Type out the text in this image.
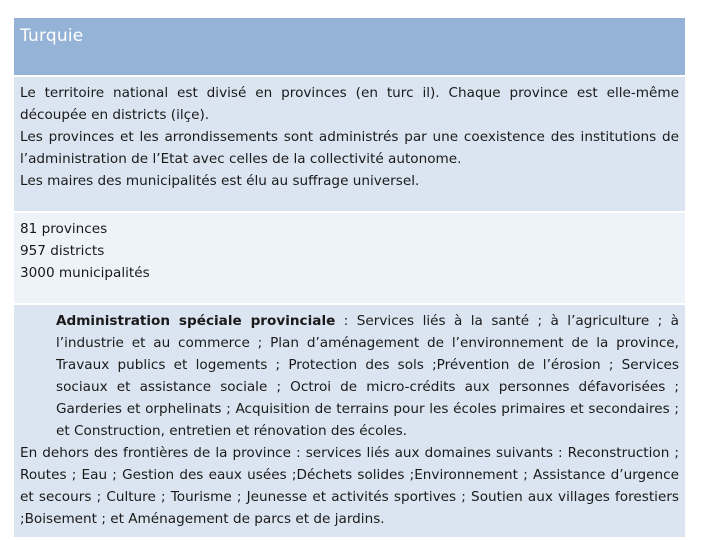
Turquie

Le territoire national est divisé en provinces (en turc il). Chaque province est elle-même découpée en districts (ilçe).

Les provinces et les arrondissements sont administrés par une coexistence des institutions de l’administration de l’Etat avec celles de la collectivité autonome.

Les maires des municipalités est élu au suffrage universel.

81 provinces

957 districts

3000 municipalités

Administration spéciale provinciale : Services liés à la santé ; à l’agriculture ; à l’industrie et au commerce ; Plan d’aménagement de l’environnement de la province, Travaux publics et logements ; Protection des sols ;Prévention de l’érosion ; Services sociaux et assistance sociale ; Octroi de micro-crédits aux personnes défavorisées ; Garderies et orphelinats ; Acquisition de terrains pour les écoles primaires et secondaires ; et Construction, entretien et rénovation des écoles.

En dehors des frontières de la province : services liés aux domaines suivants : Reconstruction ; Routes ; Eau ; Gestion des eaux usées ;Déchets solides ;Environnement ; Assistance d’urgence et secours ; Culture ; Tourisme ; Jeunesse et activités sportives ; Soutien aux villages forestiers ;Boisement ; et Aménagement de parcs et de jardins.
